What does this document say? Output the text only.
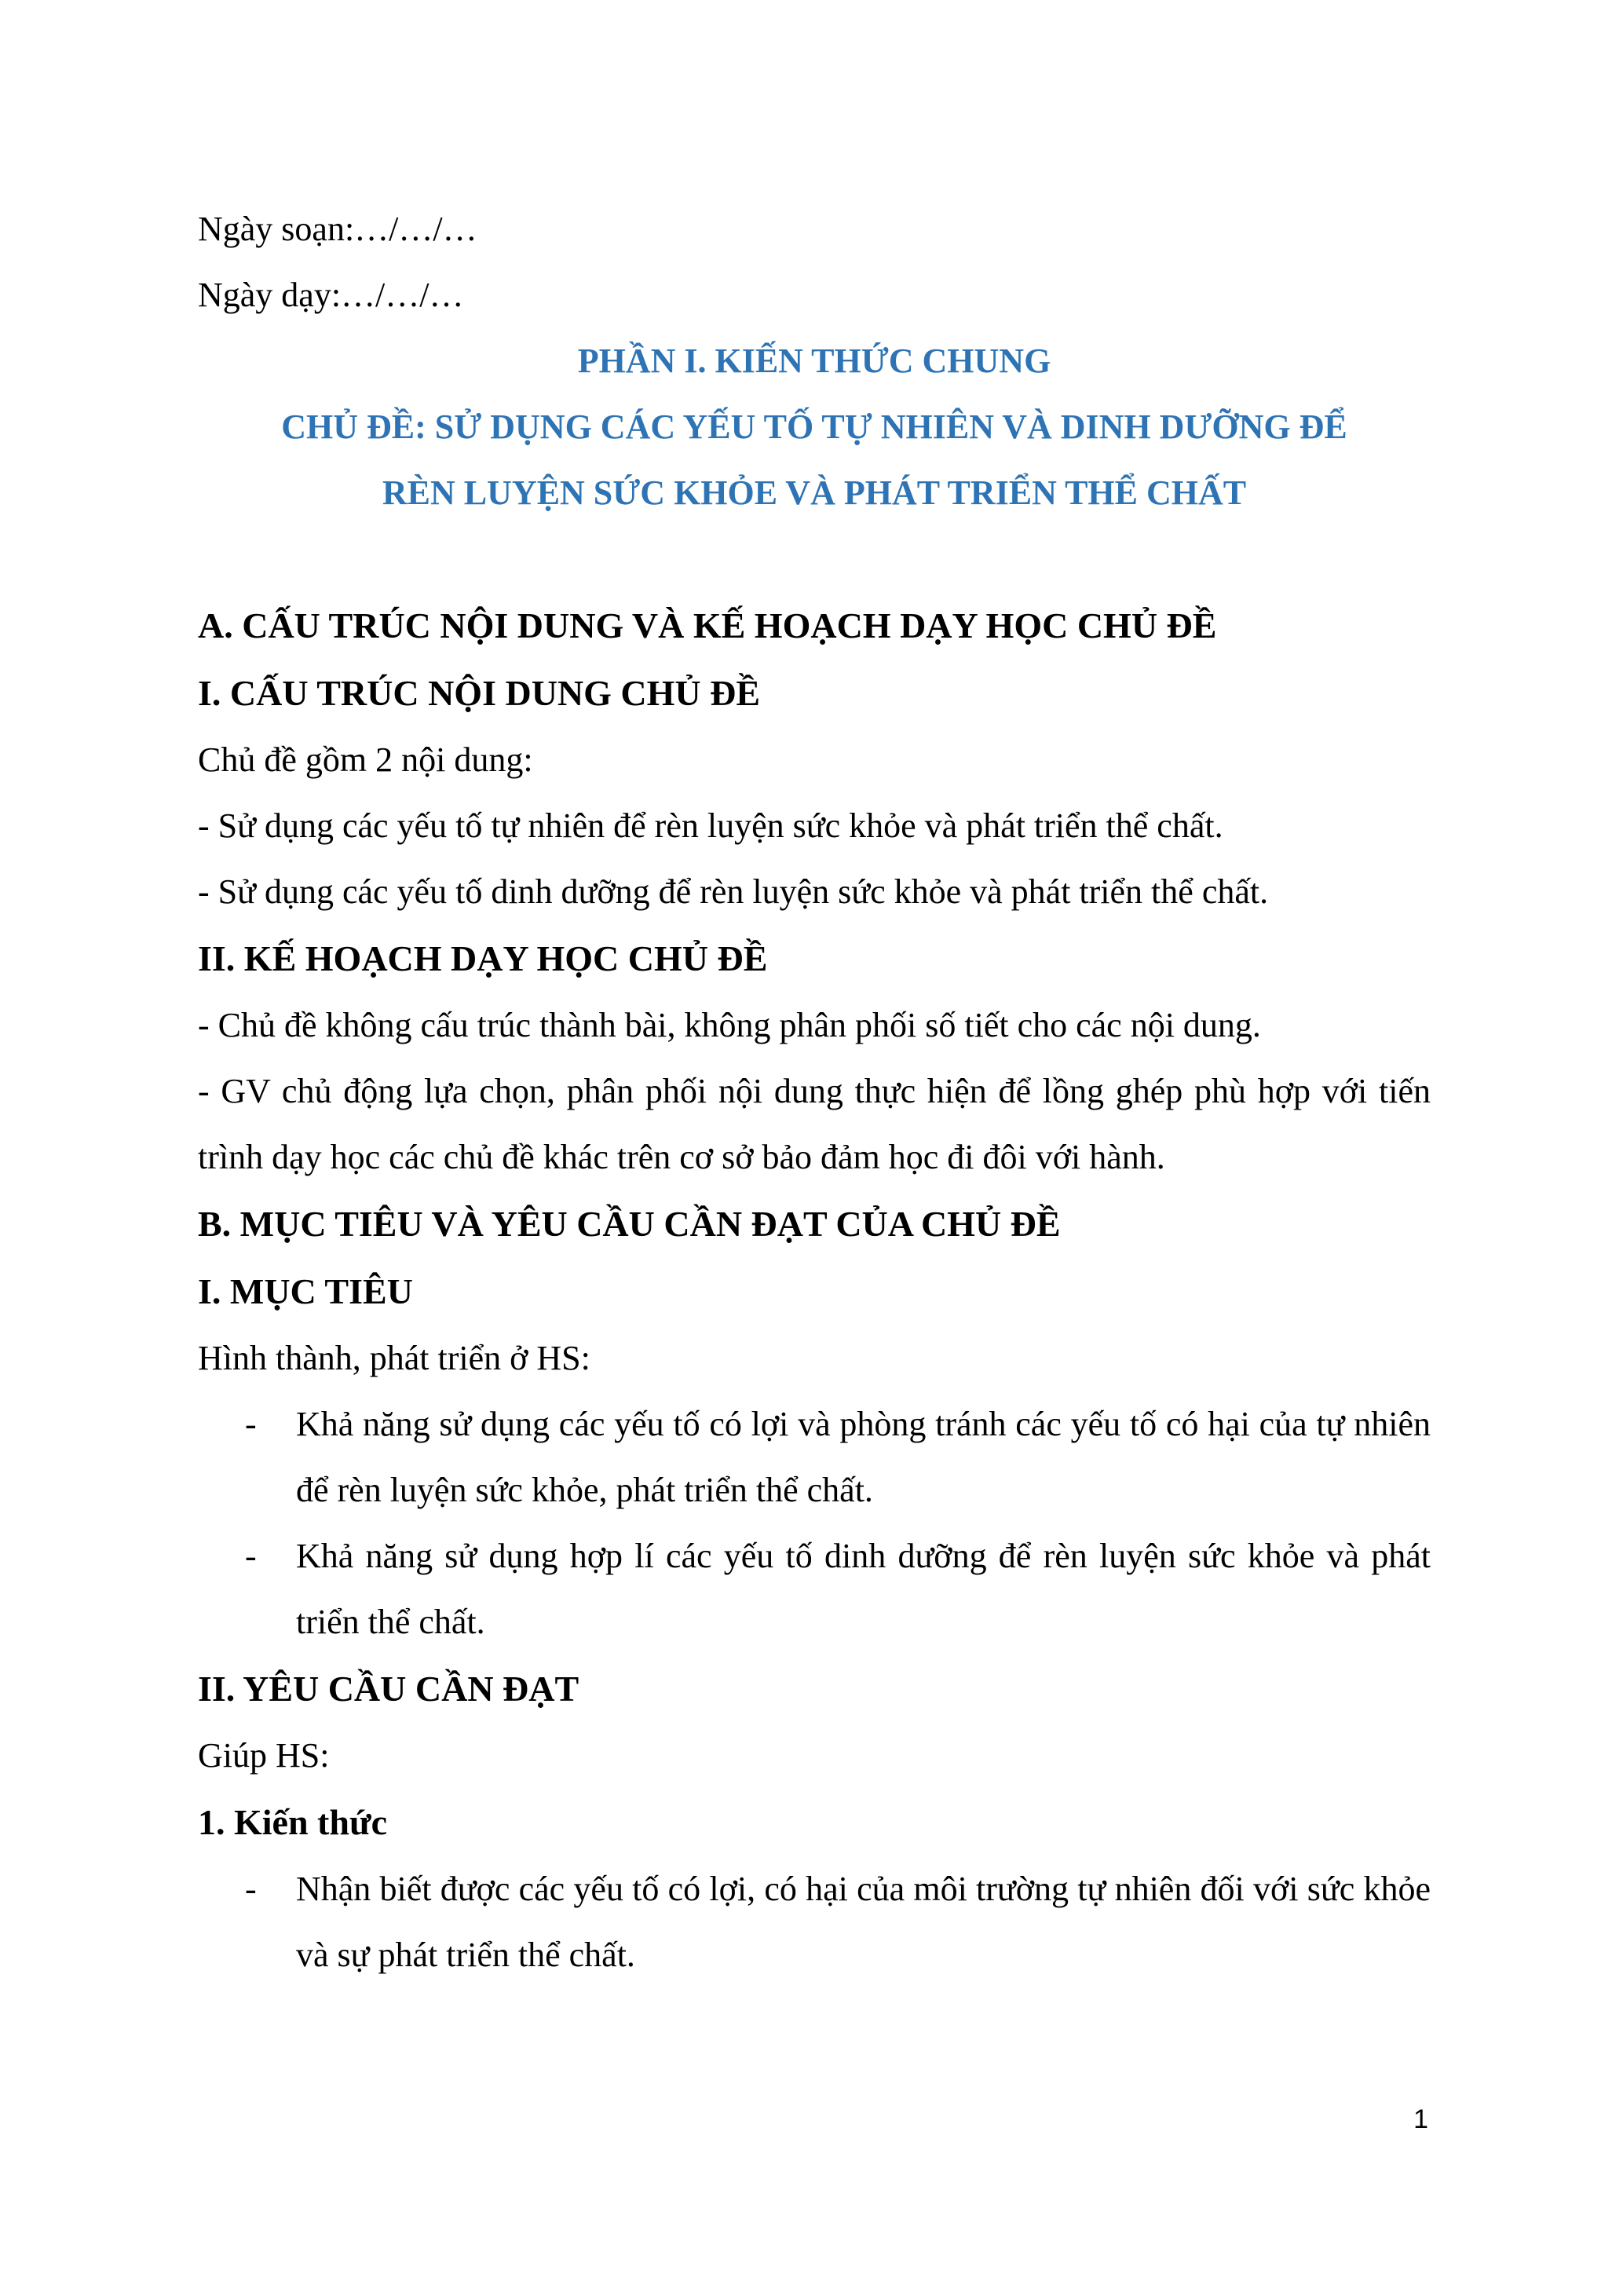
Ngày soạn:…/…/…

Ngày dạy:…/…/…

PHẦN I. KIẾN THỨC CHUNG

CHỦ ĐỀ: SỬ DỤNG CÁC YẾU TỐ TỰ NHIÊN VÀ DINH DƯỠNG ĐỂ

RÈN LUYỆN SỨC KHỎE VÀ PHÁT TRIỂN THỂ CHẤT

A. CẤU TRÚC NỘI DUNG VÀ KẾ HOẠCH DẠY HỌC CHỦ ĐỀ

I. CẤU TRÚC NỘI DUNG CHỦ ĐỀ

Chủ đề gồm 2 nội dung:

- Sử dụng các yếu tố tự nhiên để rèn luyện sức khỏe và phát triển thể chất.

- Sử dụng các yếu tố dinh dưỡng để rèn luyện sức khỏe và phát triển thể chất.

II. KẾ HOẠCH DẠY HỌC CHỦ ĐỀ

- Chủ đề không cấu trúc thành bài, không phân phối số tiết cho các nội dung.

- GV chủ động lựa chọn, phân phối nội dung thực hiện để lồng ghép phù hợp với tiến trình dạy học các chủ đề khác trên cơ sở bảo đảm học đi đôi với hành.

B. MỤC TIÊU VÀ YÊU CẦU CẦN ĐẠT CỦA CHỦ ĐỀ

I. MỤC TIÊU

Hình thành, phát triển ở HS:

-	Khả năng sử dụng các yếu tố có lợi và phòng tránh các yếu tố có hại của tự nhiên để rèn luyện sức khỏe, phát triển thể chất.
-	Khả năng sử dụng hợp lí các yếu tố dinh dưỡng để rèn luyện sức khỏe và phát triển thể chất.

II. YÊU CẦU CẦN ĐẠT

Giúp HS:

1. Kiến thức

-	Nhận biết được các yếu tố có lợi, có hại của môi trường tự nhiên đối với sức khỏe và sự phát triển thể chất.
1
